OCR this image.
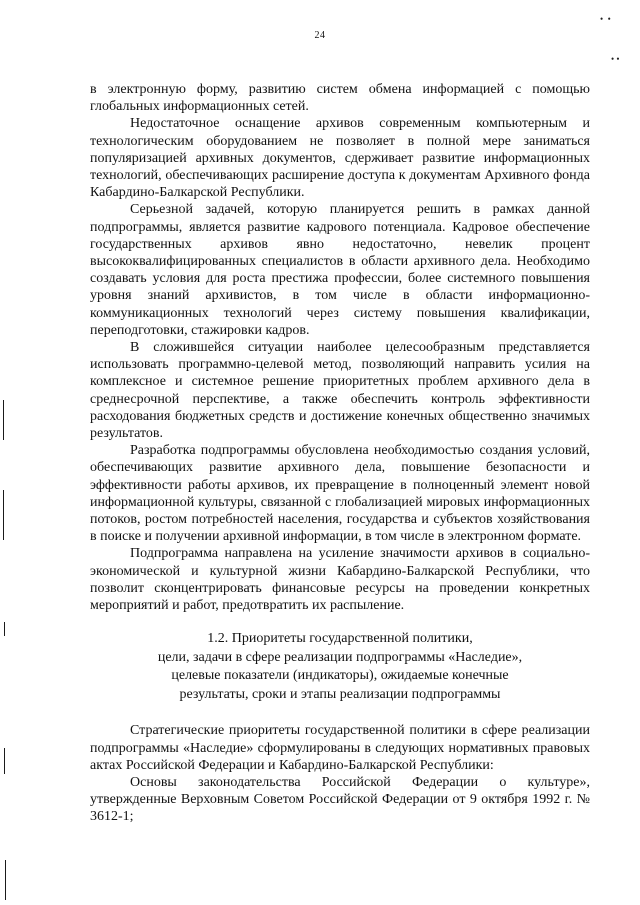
24
•  •
• •

в электронную форму, развитию систем обмена информацией с помощью глобальных информационных сетей.

Недостаточное оснащение архивов современным компьютерным и технологическим оборудованием не позволяет в полной мере заниматься популяризацией архивных документов, сдерживает развитие информационных технологий, обеспечивающих расширение доступа к документам Архивного фонда Кабардино-Балкарской Республики.

Серьезной задачей, которую планируется решить в рамках данной подпрограммы, является развитие кадрового потенциала. Кадровое обеспечение государственных архивов явно недостаточно, невелик процент высококвалифицированных специалистов в области архивного дела. Необходимо создавать условия для роста престижа профессии, более системного повышения уровня знаний архивистов, в том числе в области информационно-коммуникационных технологий через систему повышения квалификации, переподготовки, стажировки кадров.

В сложившейся ситуации наиболее целесообразным представляется использовать программно-целевой метод, позволяющий направить усилия на комплексное и системное решение приоритетных проблем архивного дела в среднесрочной перспективе, а также обеспечить контроль эффективности расходования бюджетных средств и достижение конечных общественно значимых результатов.

Разработка подпрограммы обусловлена необходимостью создания условий, обеспечивающих развитие архивного дела, повышение безопасности и эффективности работы архивов, их превращение в полноценный элемент новой информационной культуры, связанной с глобализацией мировых информационных потоков, ростом потребностей населения, государства и субъектов хозяйствования в поиске и получении архивной информации, в том числе в электронном формате.

Подпрограмма направлена на усиление значимости архивов в социально-экономической и культурной жизни Кабардино-Балкарской Республики, что позволит сконцентрировать финансовые ресурсы на проведении конкретных мероприятий и работ, предотвратить их распыление.

1.2. Приоритеты государственной политики,
цели, задачи в сфере реализации подпрограммы «Наследие»,
целевые показатели (индикаторы), ожидаемые конечные
результаты, сроки и этапы реализации подпрограммы

Стратегические приоритеты государственной политики в сфере реализации подпрограммы «Наследие» сформулированы в следующих нормативных правовых актах Российской Федерации и Кабардино-Балкарской Республики:

Основы законодательства Российской Федерации о культуре», утвержденные Верховным Советом Российской Федерации от 9 октября 1992 г. № 3612-1;
